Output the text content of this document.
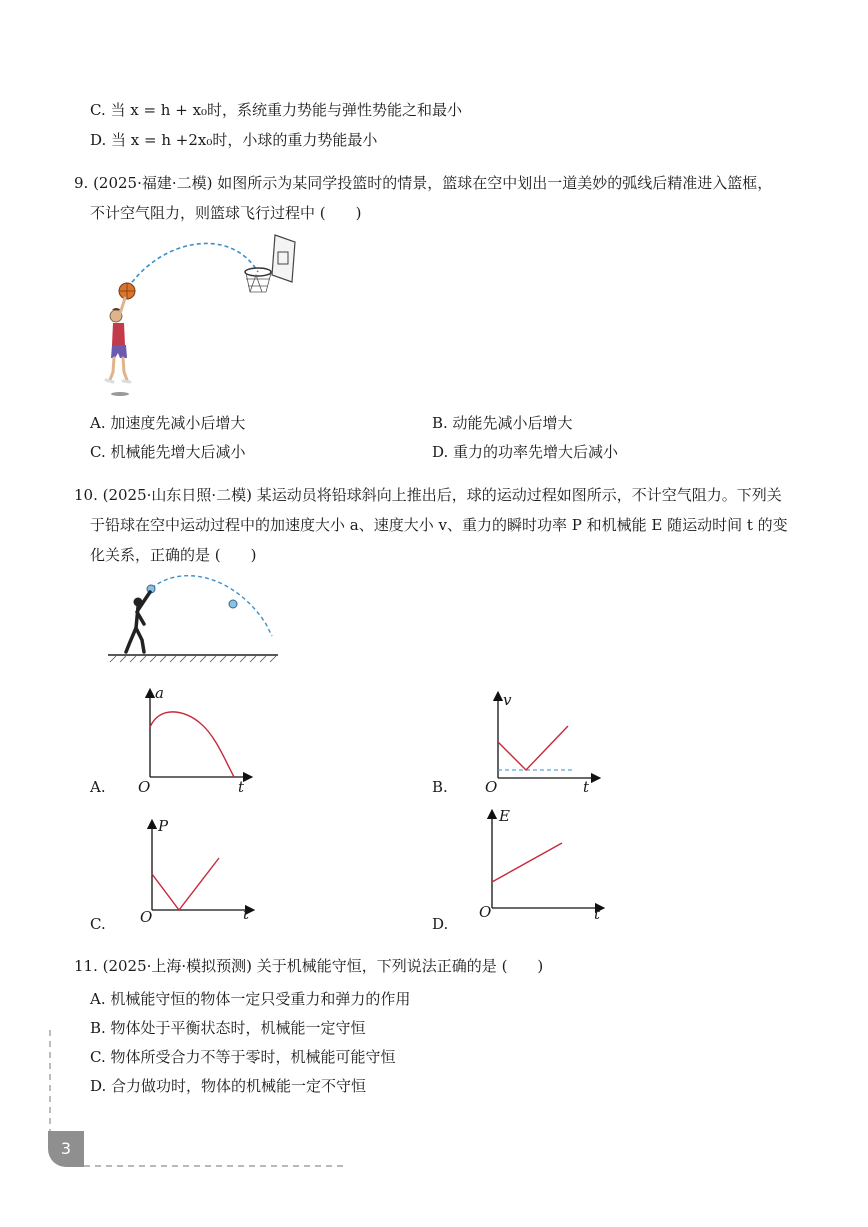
C. 当 x = h + x₀时，系统重力势能与弹性势能之和最小
D. 当 x = h +2x₀时，小球的重力势能最小
9. (2025·福建·二模) 如图所示为某同学投篮时的情景，篮球在空中划出一道美妙的弧线后精准进入篮框，
不计空气阻力，则篮球飞行过程中 (　　)
A. 加速度先减小后增大	B. 动能先减小后增大
C. 机械能先增大后减小	D. 重力的功率先增大后减小
10. (2025·山东日照·二模) 某运动员将铅球斜向上推出后，球的运动过程如图所示，不计空气阻力。下列关
于铅球在空中运动过程中的加速度大小 a、速度大小 v、重力的瞬时功率 P 和机械能 E 随运动时间 t 的变
化关系，正确的是 (　　)
A.
a
O	t	B.
v
O	t
C.
P
O	t
D.
E
O	t
11. (2025·上海·模拟预测) 关于机械能守恒，下列说法正确的是 (　　)
A. 机械能守恒的物体一定只受重力和弹力的作用
B. 物体处于平衡状态时，机械能一定守恒
C. 物体所受合力不等于零时，机械能可能守恒
D. 合力做功时，物体的机械能一定不守恒
3
